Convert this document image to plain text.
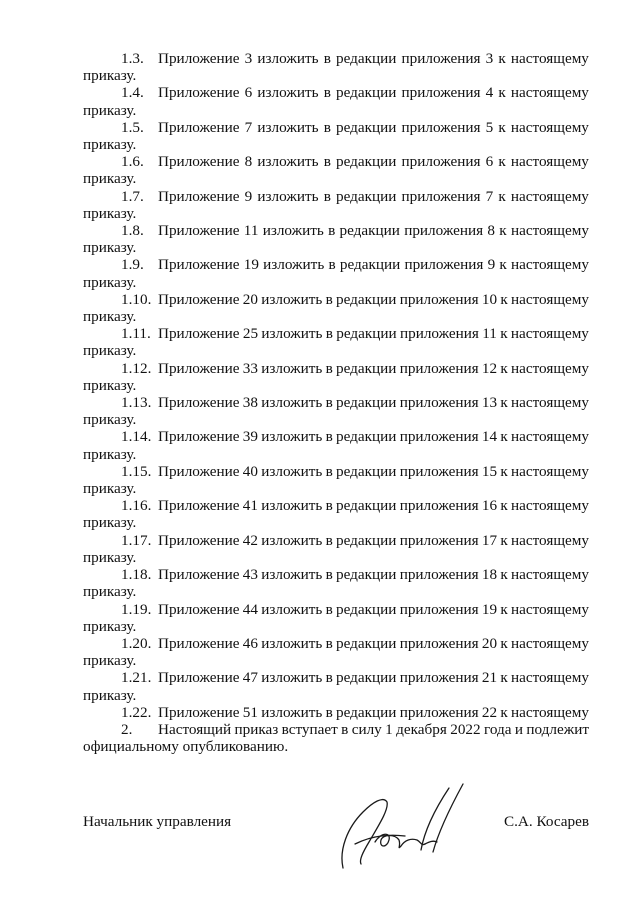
1.3. Приложение 3 изложить в редакции приложения 3 к настоящему
приказу.
1.4. Приложение 6 изложить в редакции приложения 4 к настоящему
приказу.
1.5. Приложение 7 изложить в редакции приложения 5 к настоящему
приказу.
1.6. Приложение 8 изложить в редакции приложения 6 к настоящему
приказу.
1.7. Приложение 9 изложить в редакции приложения 7 к настоящему
приказу.
1.8. Приложение 11 изложить в редакции приложения 8 к настоящему
приказу.
1.9. Приложение 19 изложить в редакции приложения 9 к настоящему
приказу.
1.10. Приложение 20 изложить в редакции приложения 10 к настоящему
приказу.
1.11. Приложение 25 изложить в редакции приложения 11 к настоящему
приказу.
1.12. Приложение 33 изложить в редакции приложения 12 к настоящему
приказу.
1.13. Приложение 38 изложить в редакции приложения 13 к настоящему
приказу.
1.14. Приложение 39 изложить в редакции приложения 14 к настоящему
приказу.
1.15. Приложение 40 изложить в редакции приложения 15 к настоящему
приказу.
1.16. Приложение 41 изложить в редакции приложения 16 к настоящему
приказу.
1.17. Приложение 42 изложить в редакции приложения 17 к настоящему
приказу.
1.18. Приложение 43 изложить в редакции приложения 18 к настоящему
приказу.
1.19. Приложение 44 изложить в редакции приложения 19 к настоящему
приказу.
1.20. Приложение 46 изложить в редакции приложения 20 к настоящему
приказу.
1.21. Приложение 47 изложить в редакции приложения 21 к настоящему
приказу.
1.22. Приложение 51 изложить в редакции приложения 22 к настоящему
2.	Настоящий приказ вступает в силу 1 декабря 2022 года и подлежит
официальному опубликованию.
Начальник управления	С.А. Косарев
